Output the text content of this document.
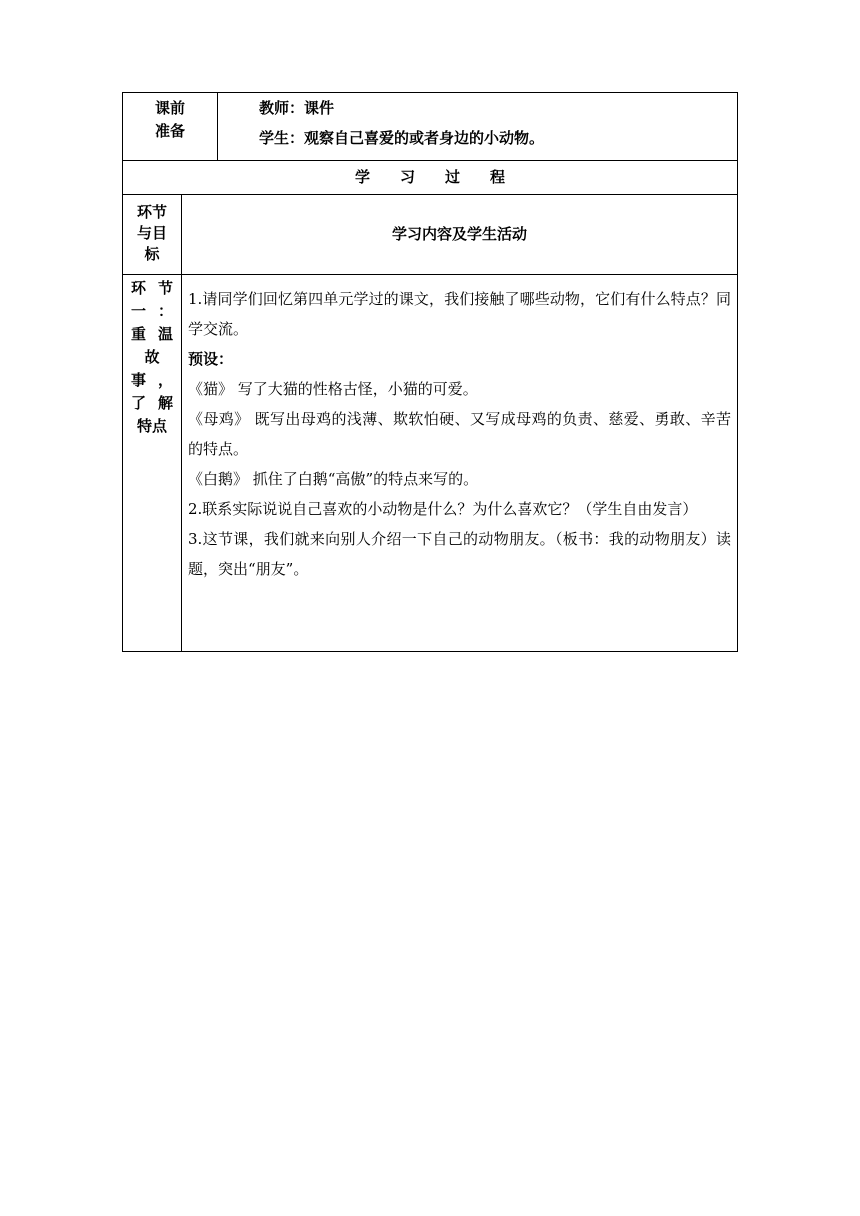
课前
准备
教师：课件
学生：观察自己喜爱的或者身边的小动物。
学习过程
环节
与目
标
学习内容及学生活动
环 节
一 ：
重 温
故
事 ，
了 解
特点

1.请同学们回忆第四单元学过的课文，我们接触了哪些动物，它们有什么特点？同学交流。

预设：

《猫》 写了大猫的性格古怪，小猫的可爱。

《母鸡》 既写出母鸡的浅薄、欺软怕硬、又写成母鸡的负责、慈爱、勇敢、辛苦的特点。

《白鹅》 抓住了白鹅“高傲”的特点来写的。

2.联系实际说说自己喜欢的小动物是什么？为什么喜欢它？（学生自由发言）

3.这节课，我们就来向别人介绍一下自己的动物朋友。（板书：我的动物朋友）读题，突出“朋友”。
